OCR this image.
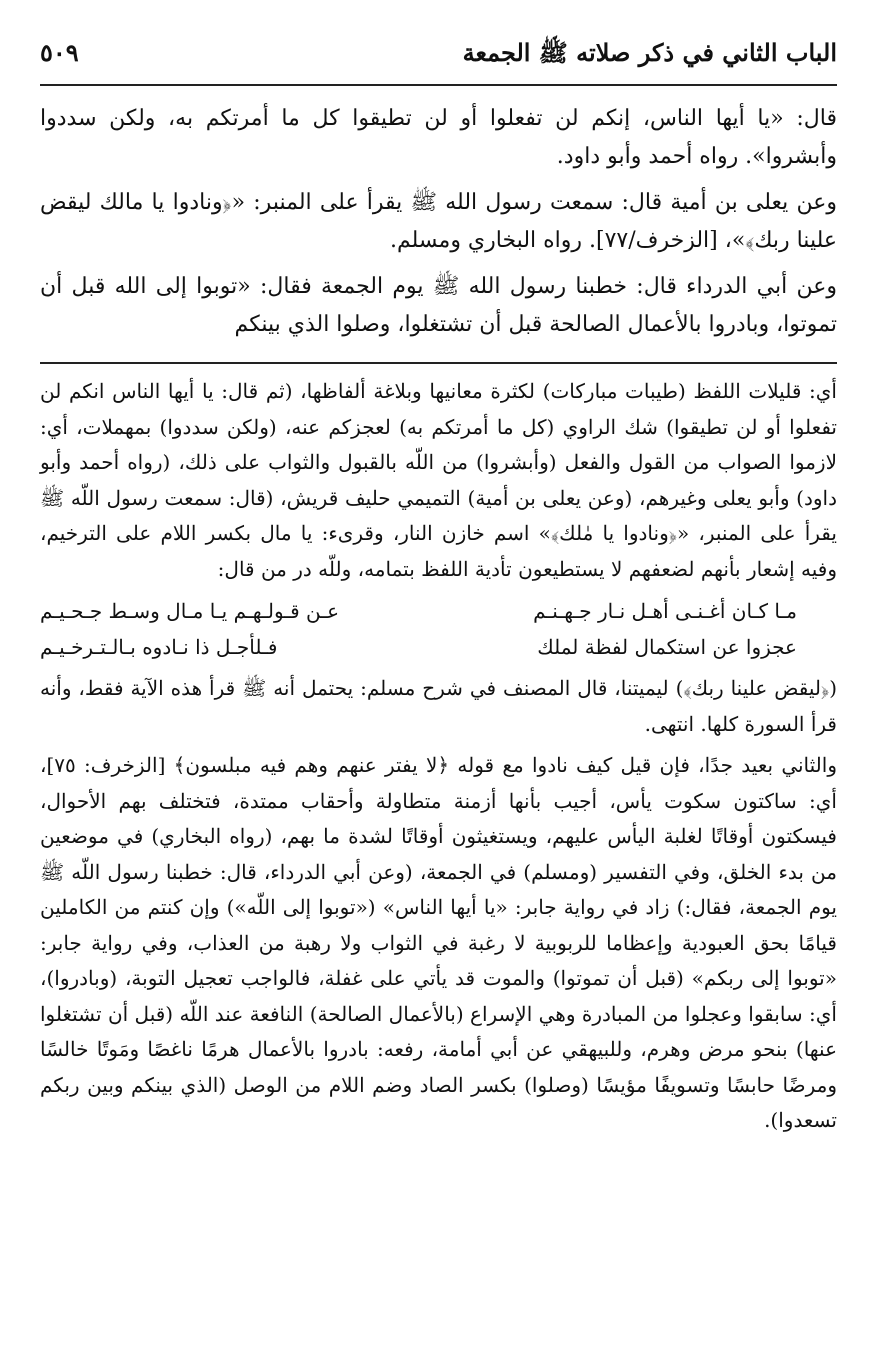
الباب الثاني في ذكر صلاته ﷺ الجمعة
٥٠٩

قال: «يا أيها الناس، إنكم لن تفعلوا أو لن تطيقوا كل ما أمرتكم به، ولكن سددوا وأبشروا». رواه أحمد وأبو داود.

وعن يعلى بن أمية قال: سمعت رسول الله ﷺ يقرأ على المنبر: «﴿ونادوا يا مالك ليقض علينا ربك﴾»، [الزخرف/٧٧]. رواه البخاري ومسلم.

وعن أبي الدرداء قال: خطبنا رسول الله ﷺ يوم الجمعة فقال: «توبوا إلى الله قبل أن تموتوا، وبادروا بالأعمال الصالحة قبل أن تشتغلوا، وصلوا الذي بينكم

أي: قليلات اللفظ (طيبات مباركات) لكثرة معانيها وبلاغة ألفاظها، (ثم قال: يا أيها الناس انكم لن تفعلوا أو لن تطيقوا) شك الراوي (كل ما أمرتكم به) لعجزكم عنه، (ولكن سددوا) بمهملات، أي: لازموا الصواب من القول والفعل (وأبشروا) من اللّه بالقبول والثواب على ذلك، (رواه أحمد وأبو داود) وأبو يعلى وغيرهم، (وعن يعلى بن أمية) التميمي حليف قريش، (قال: سمعت رسول اللّه ﷺ يقرأ على المنبر، «﴿ونادوا يا مٰلك﴾» اسم خازن النار، وقرىء: يا مال بكسر اللام على الترخيم، وفيه إشعار بأنهم لضعفهم لا يستطيعون تأدية اللفظ بتمامه، وللّه در من قال:

مـا كـان أغـنـى أهـل نـار جـهـنـم
عـن قـولـهـم يـا مـال وسـط جـحـيـم
عجزوا عن استكمال لفظة لملك
فـلأجـل ذا نـادوه بـالـتـرخـيـم

(﴿ليقض علينا ربك﴾) ليميتنا، قال المصنف في شرح مسلم: يحتمل أنه ﷺ قرأ هذه الآية فقط، وأنه قرأ السورة كلها. انتهى.

والثاني بعيد جدًا، فإن قيل كيف نادوا مع قوله ﴿لا يفتر عنهم وهم فيه مبلسون﴾ [الزخرف: ٧٥]، أي: ساكتون سكوت يأس، أجيب بأنها أزمنة متطاولة وأحقاب ممتدة، فتختلف بهم الأحوال، فيسكتون أوقاتًا لغلبة اليأس عليهم، ويستغيثون أوقاتًا لشدة ما بهم، (رواه البخاري) في موضعين من بدء الخلق، وفي التفسير (ومسلم) في الجمعة، (وعن أبي الدرداء، قال: خطبنا رسول اللّه ﷺ يوم الجمعة، فقال:) زاد في رواية جابر: «يا أيها الناس» («توبوا إلى اللّه») وإن كنتم من الكاملين قيامًا بحق العبودية وإعظاما للربوبية لا رغبة في الثواب ولا رهبة من العذاب، وفي رواية جابر: «توبوا إلى ربكم» (قبل أن تموتوا) والموت قد يأتي على غفلة، فالواجب تعجيل التوبة، (وبادروا)، أي: سابقوا وعجلوا من المبادرة وهي الإسراع (بالأعمال الصالحة) النافعة عند اللّه (قبل أن تشتغلوا عنها) بنحو مرض وهرم، وللبيهقي عن أبي أمامة، رفعه: بادروا بالأعمال هرمًا ناغصًا ومَوتًا خالسًا ومرضًا حابسًا وتسويفًا مؤيسًا (وصلوا) بكسر الصاد وضم اللام من الوصل (الذي بينكم وبين ربكم تسعدوا).
